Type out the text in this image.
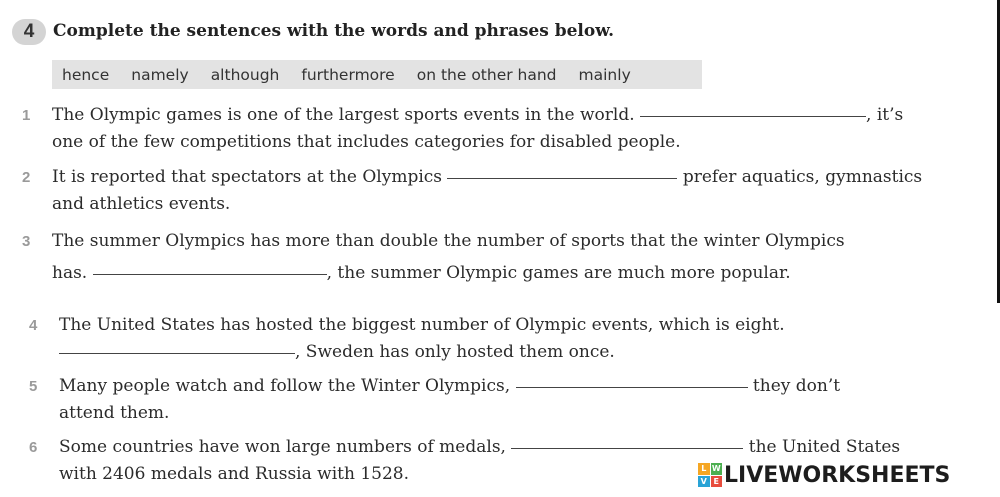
4	Complete the sentences with the words and phrases below.
hence namely although furthermore on the other hand mainly
1 The Olympic games is one of the largest sports events in the world.	, it’s
one of the few competitions that includes categories for disabled people.
2 It is reported that spectators at the Olympics	prefer aquatics, gymnastics
and athletics events.
3 The summer Olympics has more than double the number of sports that the winter Olympics
has.	, the summer Olympic games are much more popular.
4 The United States has hosted the biggest number of Olympic events, which is eight.
, Sweden has only hosted them once.
5 Many people watch and follow the Winter Olympics,	they don’t
attend them.
6 Some countries have won large numbers of medals,	the United States
with 2406 medals and Russia with 1528.	L W
V E LIVEWORKSHEETS
